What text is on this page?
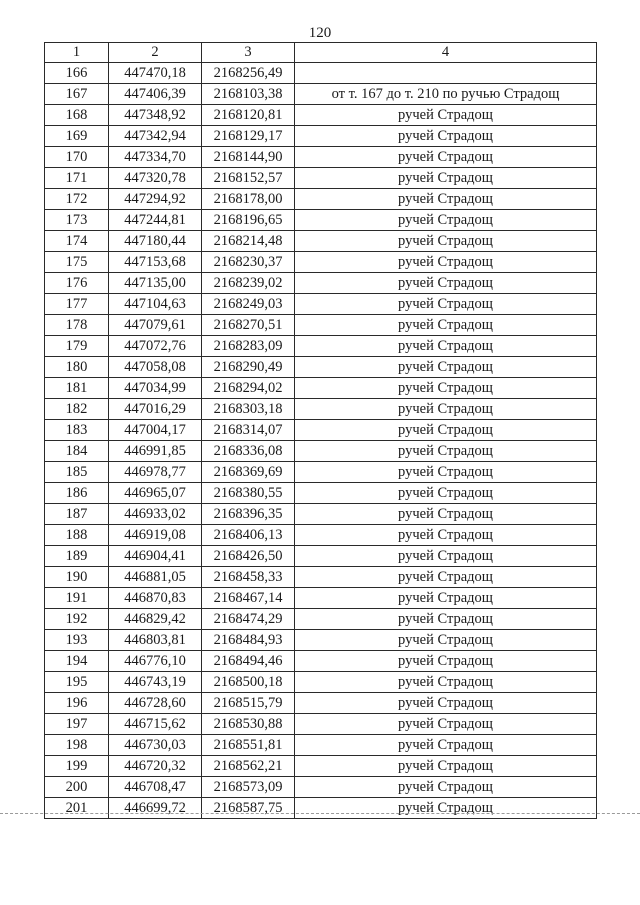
120
1	2	3	4
166	447470,18	2168256,49	
167	447406,39	2168103,38	от т. 167 до т. 210 по ручью Страдощ
168	447348,92	2168120,81	ручей Страдощ
169	447342,94	2168129,17	ручей Страдощ
170	447334,70	2168144,90	ручей Страдощ
171	447320,78	2168152,57	ручей Страдощ
172	447294,92	2168178,00	ручей Страдощ
173	447244,81	2168196,65	ручей Страдощ
174	447180,44	2168214,48	ручей Страдощ
175	447153,68	2168230,37	ручей Страдощ
176	447135,00	2168239,02	ручей Страдощ
177	447104,63	2168249,03	ручей Страдощ
178	447079,61	2168270,51	ручей Страдощ
179	447072,76	2168283,09	ручей Страдощ
180	447058,08	2168290,49	ручей Страдощ
181	447034,99	2168294,02	ручей Страдощ
182	447016,29	2168303,18	ручей Страдощ
183	447004,17	2168314,07	ручей Страдощ
184	446991,85	2168336,08	ручей Страдощ
185	446978,77	2168369,69	ручей Страдощ
186	446965,07	2168380,55	ручей Страдощ
187	446933,02	2168396,35	ручей Страдощ
188	446919,08	2168406,13	ручей Страдощ
189	446904,41	2168426,50	ручей Страдощ
190	446881,05	2168458,33	ручей Страдощ
191	446870,83	2168467,14	ручей Страдощ
192	446829,42	2168474,29	ручей Страдощ
193	446803,81	2168484,93	ручей Страдощ
194	446776,10	2168494,46	ручей Страдощ
195	446743,19	2168500,18	ручей Страдощ
196	446728,60	2168515,79	ручей Страдощ
197	446715,62	2168530,88	ручей Страдощ
198	446730,03	2168551,81	ручей Страдощ
199	446720,32	2168562,21	ручей Страдощ
200	446708,47	2168573,09	ручей Страдощ
201	446699,72	2168587,75	ручей Страдощ
